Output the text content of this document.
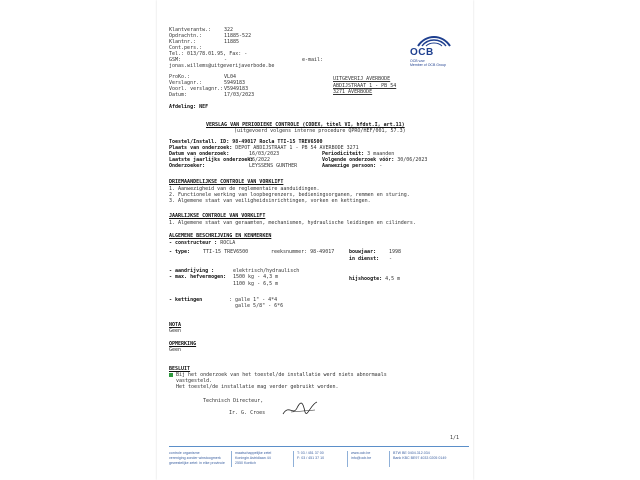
Klantverantw.:	322
Opdrachtn.:	11885-522
Klantnr.:	11885
Cont.pers.:
Tel.: 013/78.01.95, Fax: -
GSM:	-	e-mail:
jonas.willems@uitgeverijaverbode.be
ProKo.:	VL04
Verslagnr.:	5949183
Voorl. verslagnr.:V5949183
Datum:	17/03/2023
Afdeling: NEF
OCB
OCB vzw
Member of OCB Group
UITGEVERIJ AVERBODE
ABDIJSTRAAT 1 - PB 54
3271 AVERBODE
VERSLAG VAN PERIODIEKE CONTROLE (CODEX, titel VI, hfdst.I, art.11)
(uitgevoerd volgens interne procedure QPRO/HEF/001, 57.3)
Toestel/Install. ID: 98-49017 Rocla TTI-15 TREV6500
Plaats van onderzoek: DEPOT ABDIJSTRAAT 1 - PB 54 AVERBODE 3271
Datum van onderzoek:	16/03/2023	Periodiciteit: 3 maanden
Laatste jaarlijks onderzoek:
06/2022	Volgende onderzoek vóór: 30/06/2023
Onderzoeker:	LEYSSENS GUNTHER	Aanwezige persoon: -
DRIEMAANDELIJKSE CONTROLE VAN VORKLIFT
1. Aanwezigheid van de reglementaire aanduidingen.
2. Functionele werking van loopbegrenzers, bedieningsorganen, remmen en sturing.
3. Algemene staat van veiligheidsinrichtingen, vorken en kettingen.
JAARLIJKSE CONTROLE VAN VORKLIFT
1. Algemene staat van geraamten, mechanismen, hydraulische leidingen en cilinders.
ALGEMENE BESCHRIJVING EN KENMERKEN
- constructeur : ROCLA
- type:	TTI-15 TREV6500	reeksnummer: 98-49017	bouwjaar:	1998
in dienst: -
- aandrijving :	elektrisch/hydraulisch
- max. hefvermogen: 1500 kg - 4,3 m
1100 kg - 6,5 m
hijshoogte: 4,5 m
- kettingen	: galle 1" - 4*4
galle 5/8" - 6*6
NOTA
Geen
OPMERKING
Geen
BESLUIT
Bij het onderzoek van het toestel/de installatie werd niets abnormaals
vastgesteld.
Het toestel/de installatie mag verder gebruikt worden.
Technisch Directeur,
Ir. G. Croes
1/1
controle organisme
vereniging zonder winstoogmerk
gewestelijke zetel: in elke provincie
maatschappelijke zetel
Koningin Astridlaan 44
2550 Kontich
T: 03 / 451 37 00
F: 03 / 451 37 10
www.ocb.be
info@ocb.be
BTW BE 0404.312.034
Bank KBC BE97 4033 0205 0149
